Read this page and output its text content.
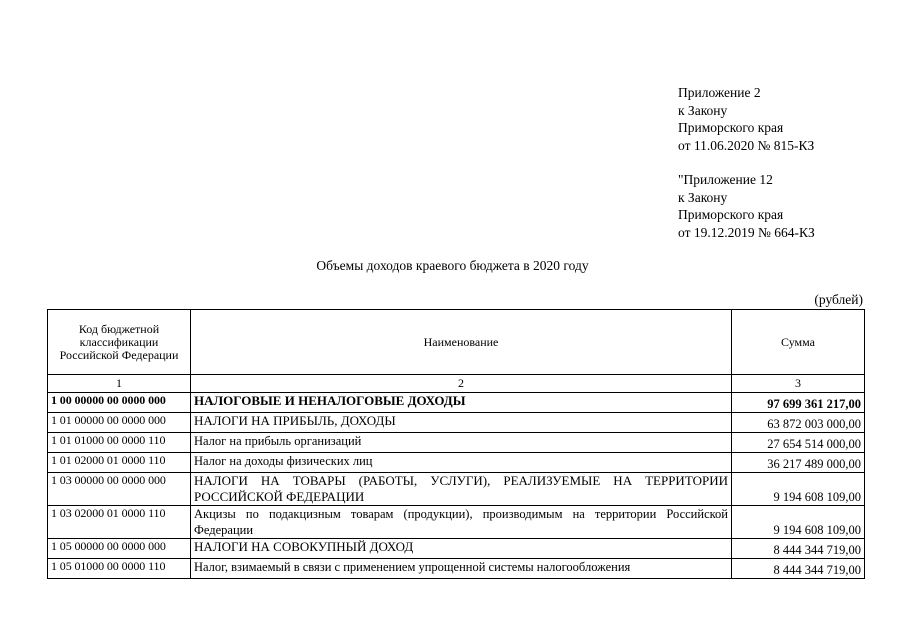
Приложение 2
к Закону
Приморского края
от 11.06.2020 № 815-КЗ
"Приложение 12
к Закону
Приморского края
от 19.12.2019 № 664-КЗ
Объемы доходов краевого бюджета в 2020 году
(рублей)
Код бюджетной классификации Российской Федерации	Наименование	Сумма
1	2	3
1 00 00000 00 0000 000	НАЛОГОВЫЕ И НЕНАЛОГОВЫЕ ДОХОДЫ	97 699 361 217,00
1 01 00000 00 0000 000	НАЛОГИ НА ПРИБЫЛЬ, ДОХОДЫ	63 872 003 000,00
1 01 01000 00 0000 110	Налог на прибыль организаций	27 654 514 000,00
1 01 02000 01 0000 110	Налог на доходы физических лиц	36 217 489 000,00
1 03 00000 00 0000 000	НАЛОГИ НА ТОВАРЫ (РАБОТЫ, УСЛУГИ), РЕАЛИЗУЕМЫЕ НА ТЕРРИТОРИИ РОССИЙСКОЙ ФЕДЕРАЦИИ	9 194 608 109,00
1 03 02000 01 0000 110	Акцизы по подакцизным товарам (продукции), производимым на территории Российской Федерации	9 194 608 109,00
1 05 00000 00 0000 000	НАЛОГИ НА СОВОКУПНЫЙ ДОХОД	8 444 344 719,00
1 05 01000 00 0000 110	Налог, взимаемый в связи с применением упрощенной системы налогообложения	8 444 344 719,00
